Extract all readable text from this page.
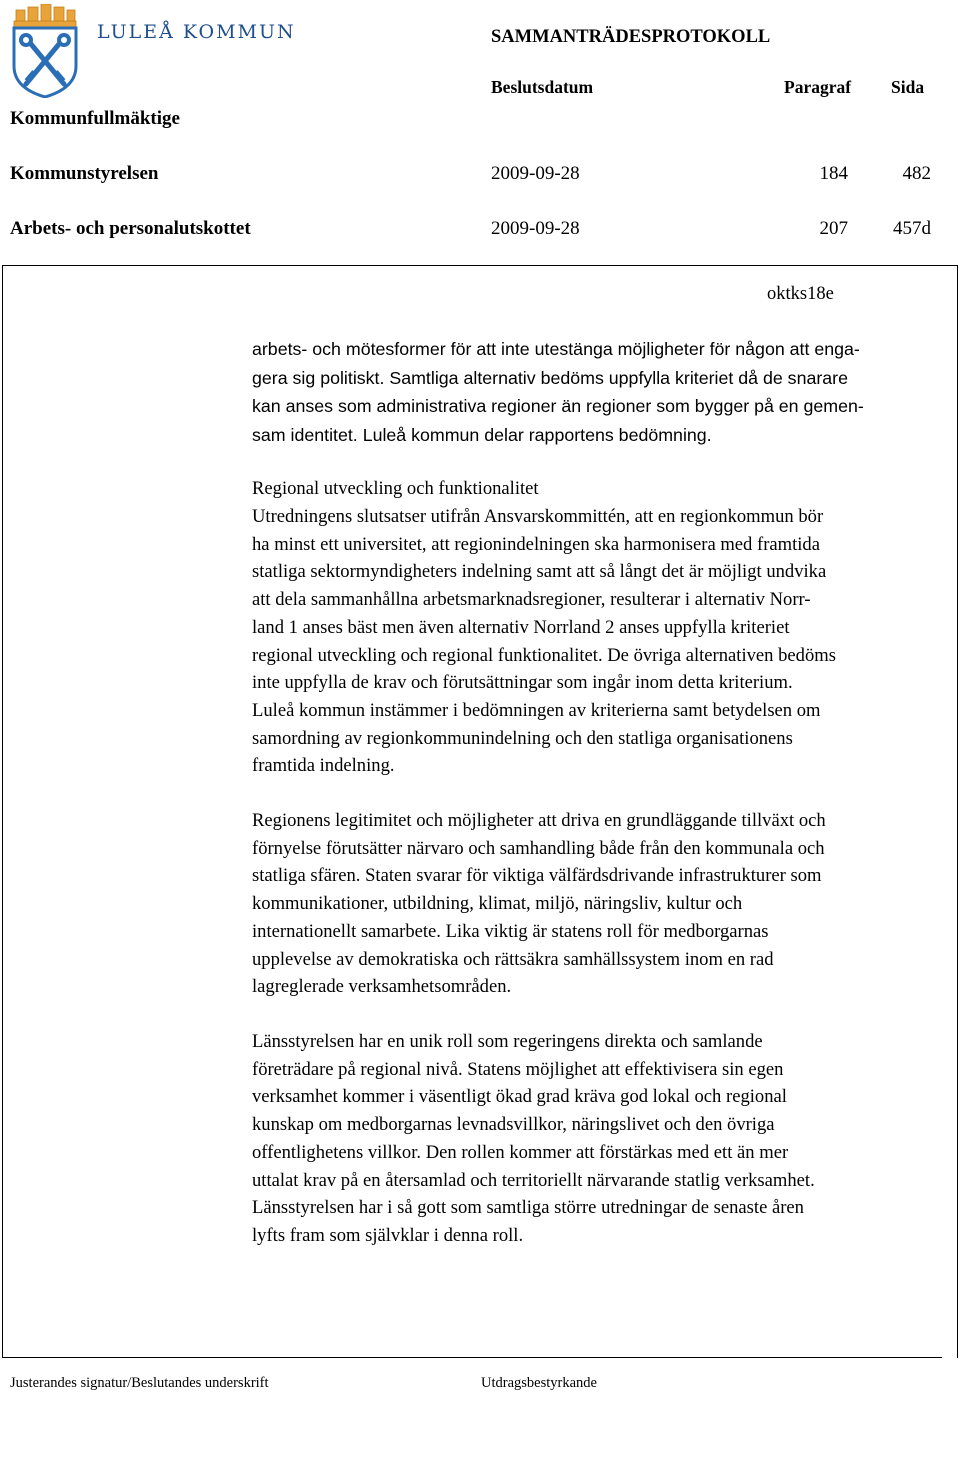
LULEÅ KOMMUN	SAMMANTRÄDESPROTOKOLL
Beslutsdatum	Paragraf Sida
Kommunfullmäktige
Kommunstyrelsen	2009-09-28	184	482
Arbets- och personalutskottet	2009-09-28	207 457d
oktks18e
arbets- och mötesformer för att inte utestänga möjligheter för någon att enga-
gera sig politiskt. Samtliga alternativ bedöms uppfylla kriteriet då de snarare
kan anses som administrativa regioner än regioner som bygger på en gemen-
sam identitet. Luleå kommun delar rapportens bedömning.
Regional utveckling och funktionalitet
Utredningens slutsatser utifrån Ansvarskommittén, att en regionkommun bör
ha minst ett universitet, att regionindelningen ska harmonisera med framtida
statliga sektormyndigheters indelning samt att så långt det är möjligt undvika
att dela sammanhållna arbetsmarknadsregioner, resulterar i alternativ Norr-
land 1 anses bäst men även alternativ Norrland 2 anses uppfylla kriteriet
regional utveckling och regional funktionalitet. De övriga alternativen bedöms
inte uppfylla de krav och förutsättningar som ingår inom detta kriterium.
Luleå kommun instämmer i bedömningen av kriterierna samt betydelsen om
samordning av regionkommunindelning och den statliga organisationens
framtida indelning.
Regionens legitimitet och möjligheter att driva en grundläggande tillväxt och
förnyelse förutsätter närvaro och samhandling både från den kommunala och
statliga sfären. Staten svarar för viktiga välfärdsdrivande infrastrukturer som
kommunikationer, utbildning, klimat, miljö, näringsliv, kultur och
internationellt samarbete. Lika viktig är statens roll för medborgarnas
upplevelse av demokratiska och rättsäkra samhällssystem inom en rad
lagreglerade verksamhetsområden.
Länsstyrelsen har en unik roll som regeringens direkta och samlande
företrädare på regional nivå. Statens möjlighet att effektivisera sin egen
verksamhet kommer i väsentligt ökad grad kräva god lokal och regional
kunskap om medborgarnas levnadsvillkor, näringslivet och den övriga
offentlighetens villkor. Den rollen kommer att förstärkas med ett än mer
uttalat krav på en återsamlad och territoriellt närvarande statlig verksamhet.
Länsstyrelsen har i så gott som samtliga större utredningar de senaste åren
lyfts fram som självklar i denna roll.
Justerandes signatur/Beslutandes underskrift	Utdragsbestyrkande
